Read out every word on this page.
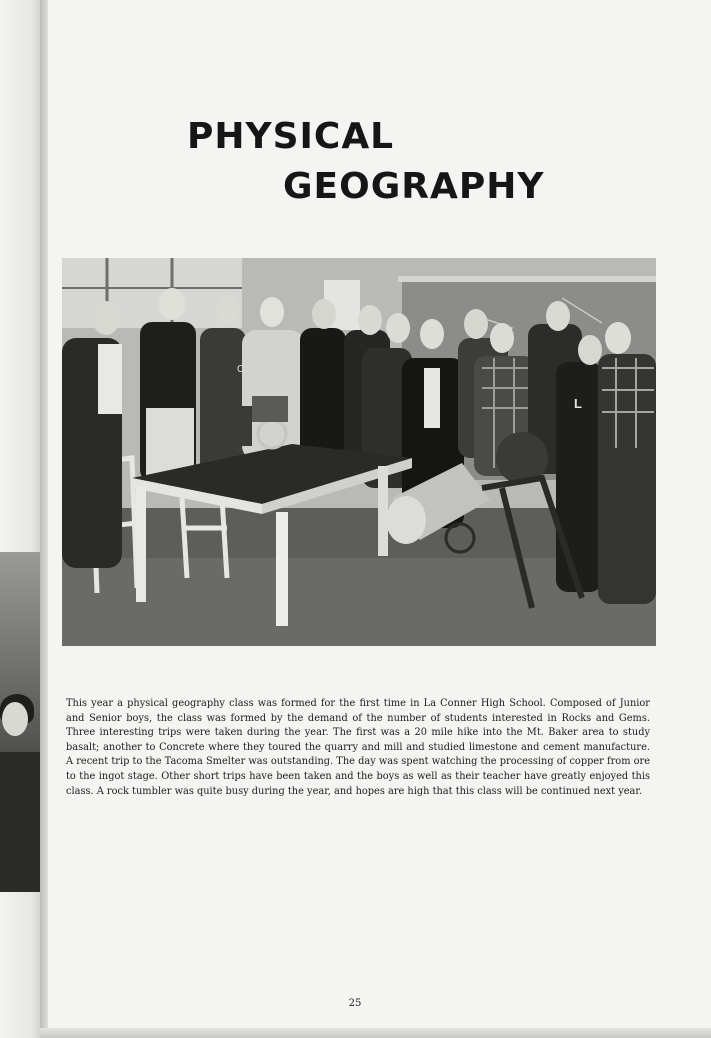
PHYSICAL
GEOGRAPHY
C
L

This year a physical geography class was formed for the first time in La Conner High School. Composed of Junior and Senior boys, the class was formed by the demand of the number of students interested in Rocks and Gems. Three interesting trips were taken during the year. The first was a 20 mile hike into the Mt. Baker area to study basalt; another to Concrete where they toured the quarry and mill and studied limestone and cement manufacture. A recent trip to the Tacoma Smelter was outstanding. The day was spent watching the processing of copper from ore to the ingot stage. Other short trips have been taken and the boys as well as their teacher have greatly enjoyed this class. A rock tumbler was quite busy during the year, and hopes are high that this class will be continued next year.

25
